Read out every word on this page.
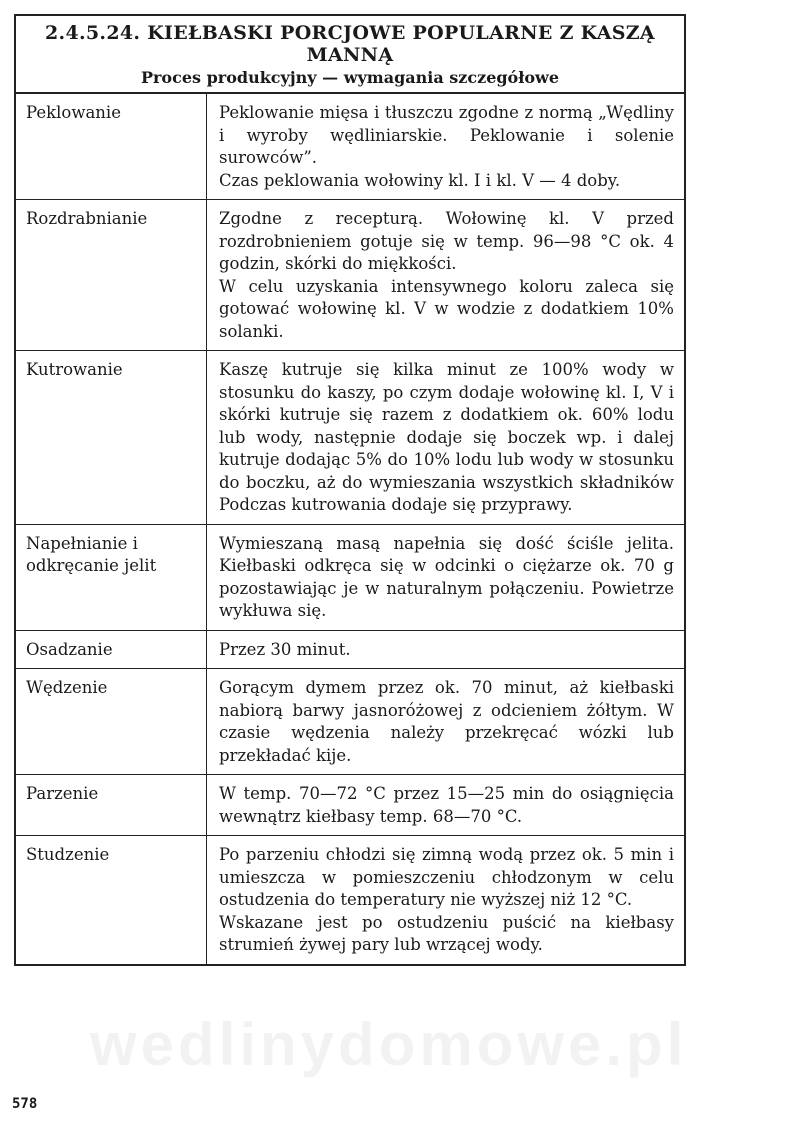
2.4.5.24. KIEŁBASKI PORCJOWE POPULARNE Z KASZĄ
MANNĄ
Proces produkcyjny — wymagania szczegółowe
Peklowanie	Peklowanie mięsa i tłuszczu zgodne z normą „Wędliny i wyroby wędliniarskie. Peklowanie i solenie surowców”.
Czas peklowania wołowiny kl. I i kl. V — 4 doby.

Rozdrabnianie	Zgodne z recepturą. Wołowinę kl. V przed rozdrobnieniem gotuje się w temp. 96—98 °C ok. 4 godzin, skórki do miękkości.
W celu uzyskania intensywnego koloru zaleca się gotować wołowinę kl. V w wodzie z dodatkiem 10% solanki.

Kutrowanie	Kaszę kutruje się kilka minut ze 100% wody w stosunku do kaszy, po czym dodaje wołowinę kl. I, V i skórki kutruje się razem z dodatkiem ok. 60% lodu lub wody, następnie dodaje się boczek wp. i dalej kutruje dodając 5% do 10% lodu lub wody w stosunku do boczku, aż do wymieszania wszystkich składników Podczas kutrowania dodaje się przyprawy.

Napełnianie i odkręcanie jelit	Wymieszaną masą napełnia się dość ściśle jelita. Kiełbaski odkręca się w odcinki o ciężarze ok. 70 g pozostawiając je w naturalnym połączeniu. Powietrze wykłuwa się.

Osadzanie	Przez 30 minut.

Wędzenie	Gorącym dymem przez ok. 70 minut, aż kiełbaski nabiorą barwy jasnoróżowej z odcieniem żółtym. W czasie wędzenia należy przekręcać wózki lub przekładać kije.

Parzenie	W temp. 70—72 °C przez 15—25 min do osiągnięcia wewnątrz kiełbasy temp. 68—70 °C.

Studzenie	Po parzeniu chłodzi się zimną wodą przez ok. 5 min i umieszcza w pomieszczeniu chłodzonym w celu ostudzenia do temperatury nie wyższej niż 12 °C.
Wskazane jest po ostudzeniu puścić na kiełbasy strumień żywej pary lub wrzącej wody.
wedlinydomowe.pl
578
